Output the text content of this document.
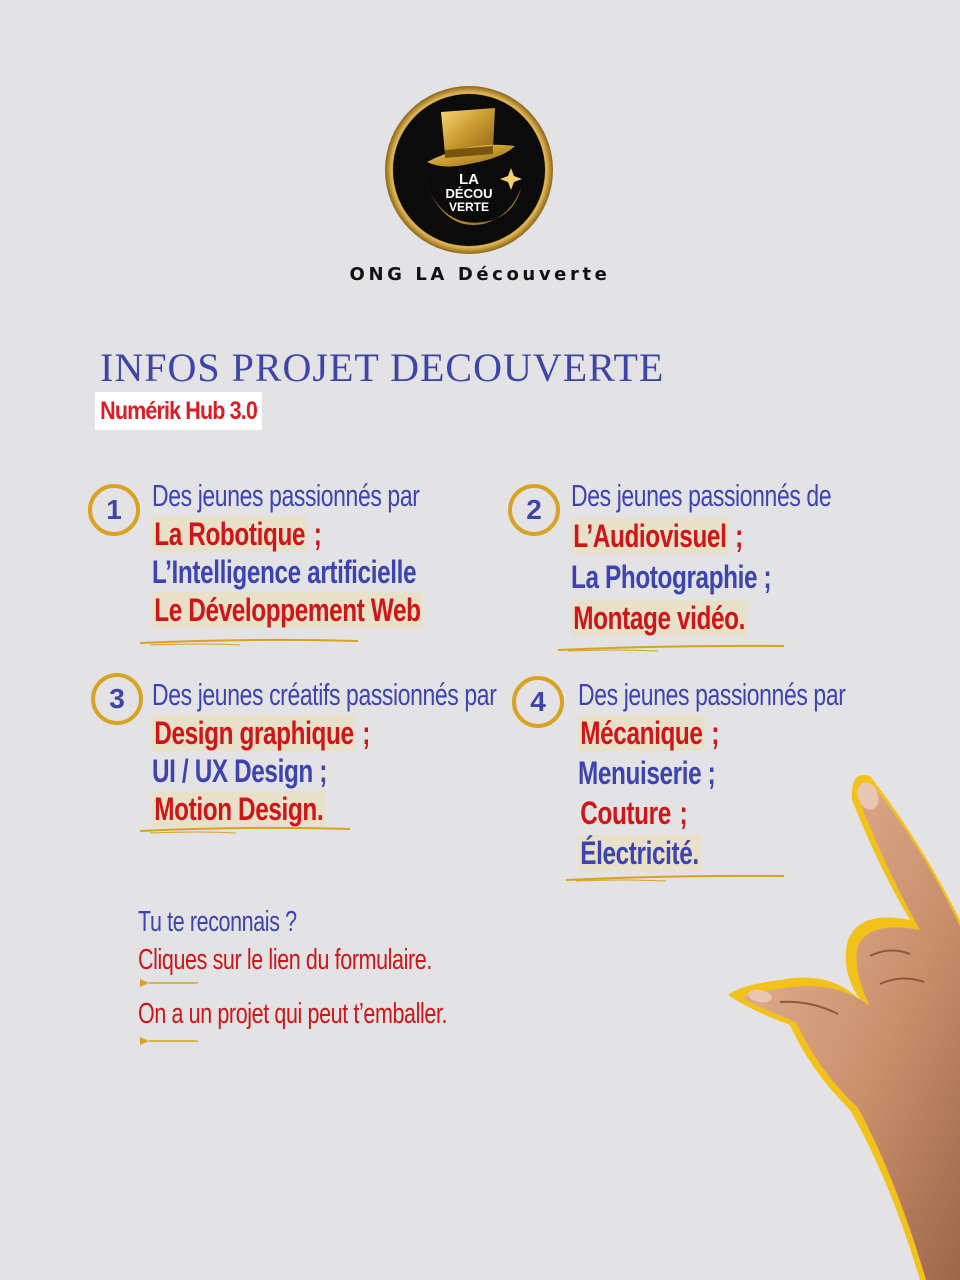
LA
DÉCOU
VERTE
ONG LA Découverte
INFOS PROJET DECOUVERTE
Numérik Hub 3.0
1 Des jeunes passionnés par
La Robotique ;
L’Intelligence artificielle
Le Développement Web
2 Des jeunes passionnés de
L’Audiovisuel ;
La Photographie ;
Montage vidéo.
3 Des jeunes créatifs passionnés par
Design graphique ;
UI / UX Design ;
Motion Design.
4	Des jeunes passionnés par
Mécanique ;
Menuiserie ;
Couture ;
Électricité.
Tu te reconnais ?
Cliques sur le lien du formulaire.
On a un projet qui peut t’emballer.
